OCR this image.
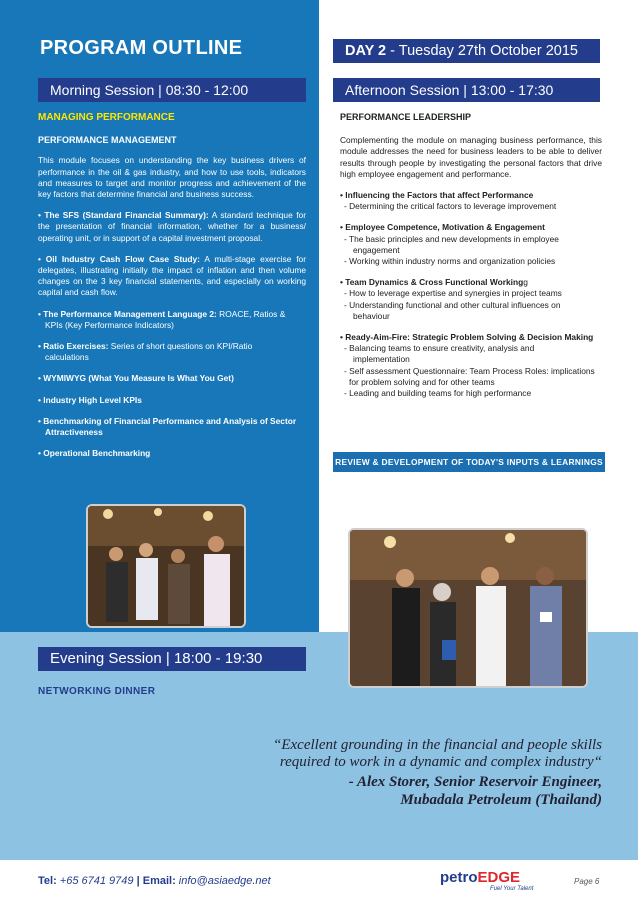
PROGRAM OUTLINE	DAY 2 - Tuesday 27th October 2015
Morning Session | 08:30 - 12:00	Afternoon Session | 13:00 - 17:30
MANAGING PERFORMANCE
PERFORMANCE MANAGEMENT

This module focuses on understanding the key business drivers of performance in the oil & gas industry, and how to use tools, indicators and measures to target and monitor progress and achievement of the key factors that determine financial and business success.

• The SFS (Standard Financial Summary): A standard technique for the presentation of financial information, whether for a business/ operating unit, or in support of a capital investment proposal.

• Oil Industry Cash Flow Case Study: A multi-stage exercise for delegates, illustrating initially the impact of inflation and then volume changes on the 3 key financial statements, and especially on working capital and cash flow.

• The Performance Management Language 2: ROACE, Ratios &
KPIs (Key Performance Indicators)
• Ratio Exercises: Series of short questions on KPI/Ratio
calculations
• WYMIWYG (What You Measure Is What You Get)
• Industry High Level KPIs
• Benchmarking of Financial Performance and Analysis of Sector
Attractiveness
• Operational Benchmarking
PERFORMANCE LEADERSHIP

Complementing the module on managing business performance, this module addresses the need for business leaders to be able to deliver results through people by investigating the personal factors that drive high employee engagement and performance.

• Influencing the Factors that affect Performance
- Determining the critical factors to leverage improvement
• Employee Competence, Motivation & Engagement
- The basic principles and new developments in employee
engagement
- Working within industry norms and organization policies
• Team Dynamics & Cross Functional Workingg
- How to leverage expertise and synergies in project teams
- Understanding functional and other cultural influences on
behaviour
• Ready-Aim-Fire: Strategic Problem Solving & Decision Making
- Balancing teams to ensure creativity, analysis and
implementation
- Self assessment Questionnaire: Team Process Roles: implications
for problem solving and for other teams
- Leading and building teams for high performance
REVIEW & DEVELOPMENT OF TODAY'S INPUTS & LEARNINGS
Evening Session | 18:00 - 19:30
NETWORKING DINNER
“Excellent grounding in the financial and people skills
required to work in a dynamic and complex industry“
- Alex Storer, Senior Reservoir Engineer,
Mubadala Petroleum (Thailand)
Tel: +65 6741 9749 | Email: info@asiaedge.net	petroEDGE
Fuel Your Talent
Page 6
